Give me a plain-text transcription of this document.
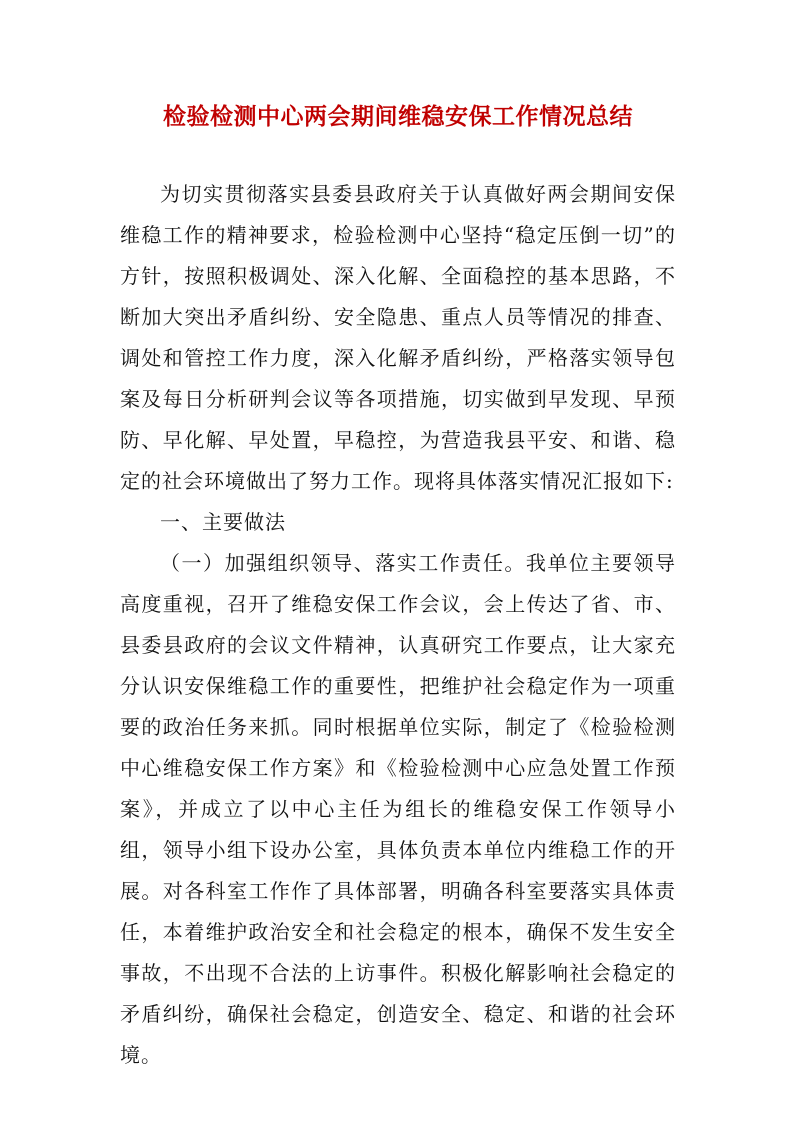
检验检测中心两会期间维稳安保工作情况总结

为切实贯彻落实县委县政府关于认真做好两会期间安保维稳工作的精神要求，检验检测中心坚持“稳定压倒一切”的方针，按照积极调处、深入化解、全面稳控的基本思路，不断加大突出矛盾纠纷、安全隐患、重点人员等情况的排查、调处和管控工作力度，深入化解矛盾纠纷，严格落实领导包案及每日分析研判会议等各项措施，切实做到早发现、早预防、早化解、早处置，早稳控，为营造我县平安、和谐、稳定的社会环境做出了努力工作。现将具体落实情况汇报如下:

一、主要做法

（一）加强组织领导、落实工作责任。我单位主要领导高度重视，召开了维稳安保工作会议，会上传达了省、市、县委县政府的会议文件精神，认真研究工作要点，让大家充分认识安保维稳工作的重要性，把维护社会稳定作为一项重要的政治任务来抓。同时根据单位实际，制定了《检验检测中心维稳安保工作方案》和《检验检测中心应急处置工作预案》，并成立了以中心主任为组长的维稳安保工作领导小组，领导小组下设办公室，具体负责本单位内维稳工作的开展。对各科室工作作了具体部署，明确各科室要落实具体责任，本着维护政治安全和社会稳定的根本，确保不发生安全事故，不出现不合法的上访事件。积极化解影响社会稳定的矛盾纠纷，确保社会稳定，创造安全、稳定、和谐的社会环境。
